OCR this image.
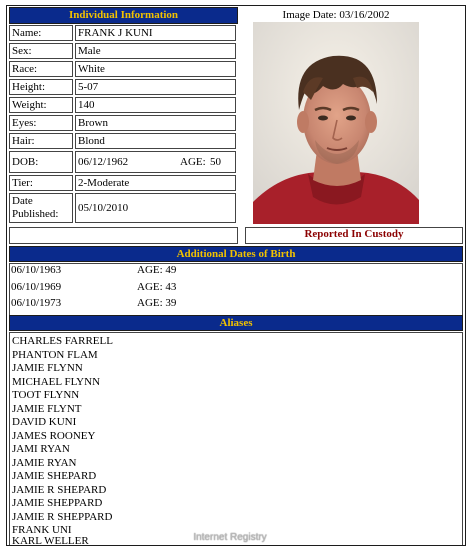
Individual Information	Image Date: 03/16/2002
Name:	FRANK J KUNI
Sex:	Male
Race:	White
Height:	5-07
Weight:	140
Eyes:	Brown
Hair:	Blond
DOB:	06/12/1962	AGE: 50
Tier:	2-Moderate
Date
Published:	05/10/2010
Reported In Custody
Additional Dates of Birth
06/10/1963	AGE: 49
06/10/1969	AGE: 43
06/10/1973	AGE: 39
Aliases
CHARLES FARRELL
PHANTON FLAM
JAMIE FLYNN
MICHAEL FLYNN
TOOT FLYNN
JAMIE FLYNT
DAVID KUNI
JAMES ROONEY
JAMI RYAN
JAMIE RYAN
JAMIE SHEPARD
JAMIE R SHEPARD
JAMIE SHEPPARD
JAMIE R SHEPPARD
FRANK UNI
KARL WELLER	Internet Registry
